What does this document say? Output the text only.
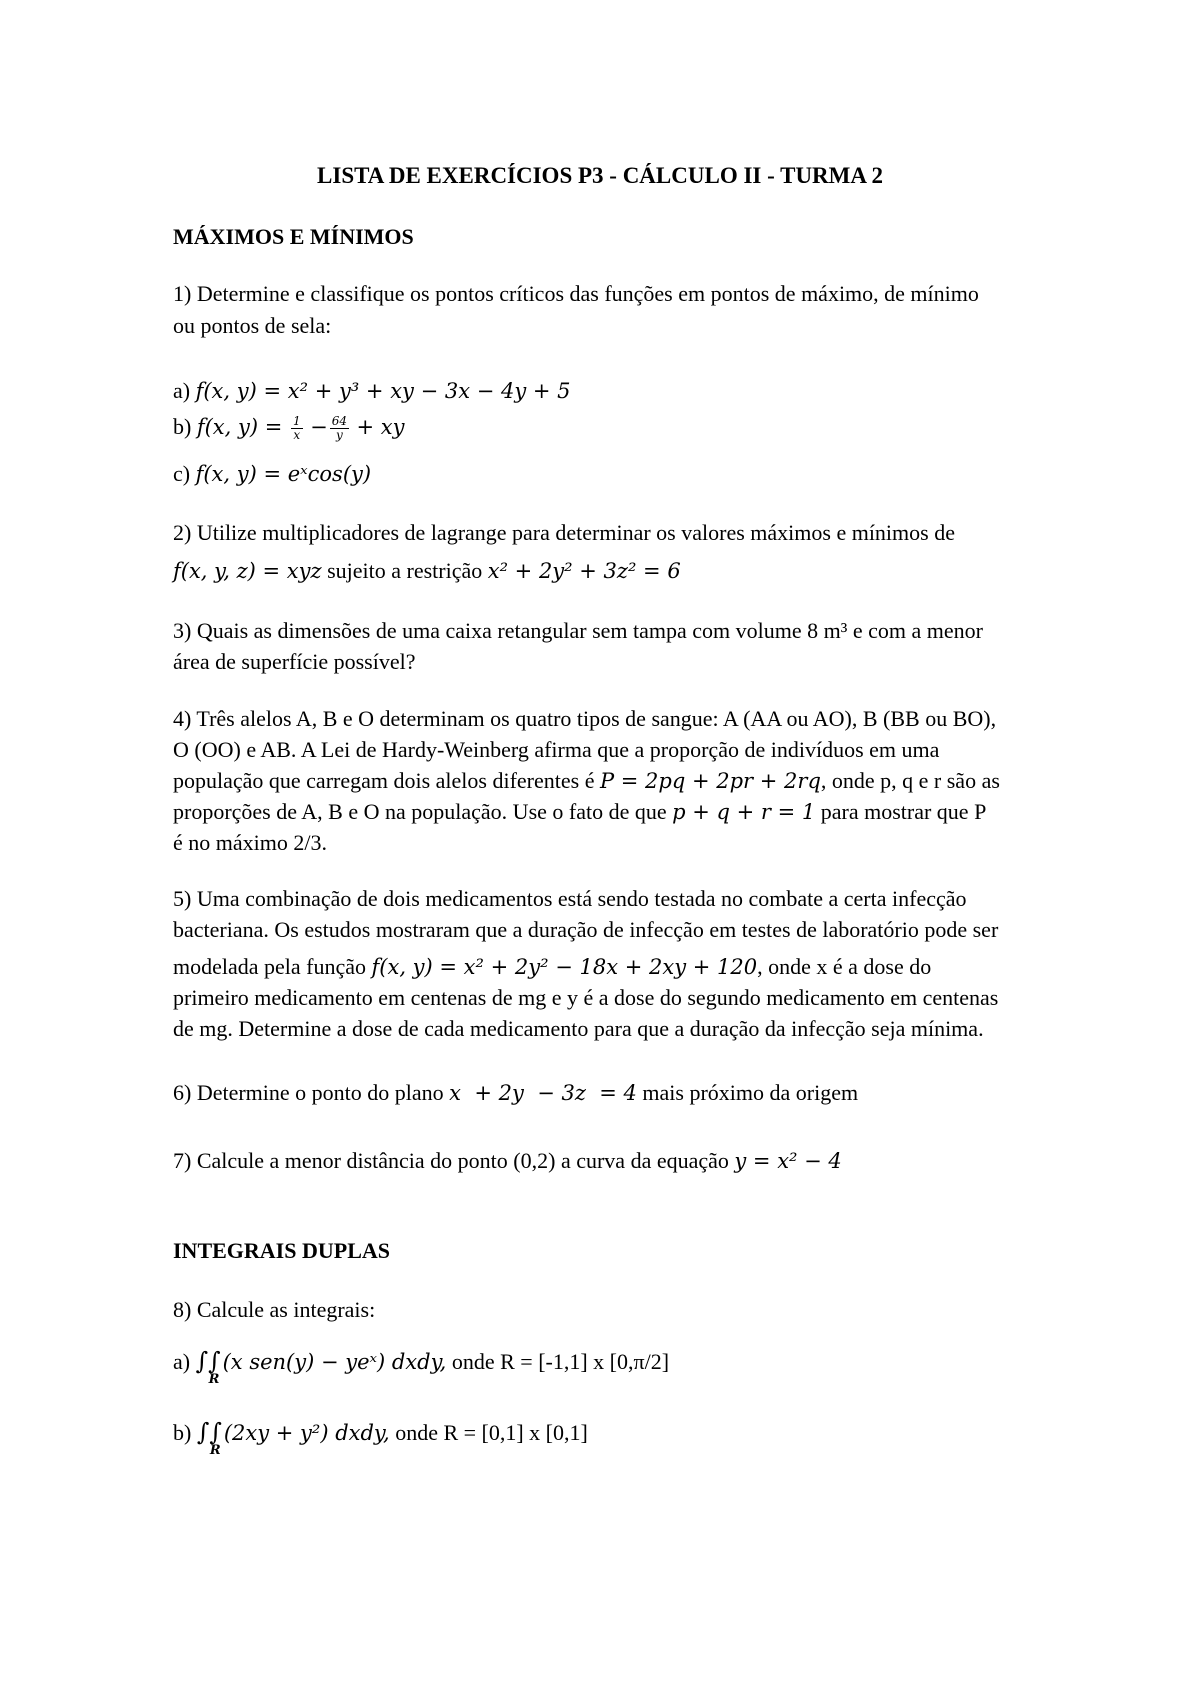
LISTA DE EXERCÍCIOS P3 - CÁLCULO II - TURMA 2
MÁXIMOS E MÍNIMOS
1) Determine e classifique os pontos críticos das funções em pontos de máximo, de mínimo
ou pontos de sela:
a) f(x, y) = x² + y³ + xy − 3x − 4y + 5
b) f(x, $y) = \frac{1}{x} - \frac{64}{y}$ + xy
c) f(x, y) = eˣcos(y)
2) Utilize multiplicadores de lagrange para determinar os valores máximos e mínimos de
f(x, y, z) = xyz sujeito a restrição x² + 2y² + 3z² = 6
3) Quais as dimensões de uma caixa retangular sem tampa com volume 8 m³ e com a menor
área de superfície possível?
4) Três alelos A, B e O determinam os quatro tipos de sangue: A (AA ou AO), B (BB ou BO),
O (OO) e AB. A Lei de Hardy-Weinberg afirma que a proporção de indivíduos em uma
população que carregam dois alelos diferentes é P = 2pq + 2pr + 2rq, onde p, q e r são as
proporções de A, B e O na população. Use o fato de que p + q + r = 1 para mostrar que P
é no máximo 2/3.
5) Uma combinação de dois medicamentos está sendo testada no combate a certa infecção
bacteriana. Os estudos mostraram que a duração de infecção em testes de laboratório pode ser
modelada pela função f(x, y) = x² + 2y² − 18x + 2xy + 120, onde x é a dose do
primeiro medicamento em centenas de mg e y é a dose do segundo medicamento em centenas
de mg. Determine a dose de cada medicamento para que a duração da infecção seja mínima.
6) Determine o ponto do plano x  + 2y  − 3z  = 4 mais próximo da origem
7) Calcule a menor distância do ponto (0,2) a curva da equação y = x² − 4
INTEGRAIS DUPLAS
8) Calcule as integrais:
a) ∫∫
R
(x sen(y) − yeˣ) dxdy, onde R = [-1,1] x [0,π/2]
b) ∫∫
R
(2xy + y²) dxdy, onde R = [0,1] x [0,1]
